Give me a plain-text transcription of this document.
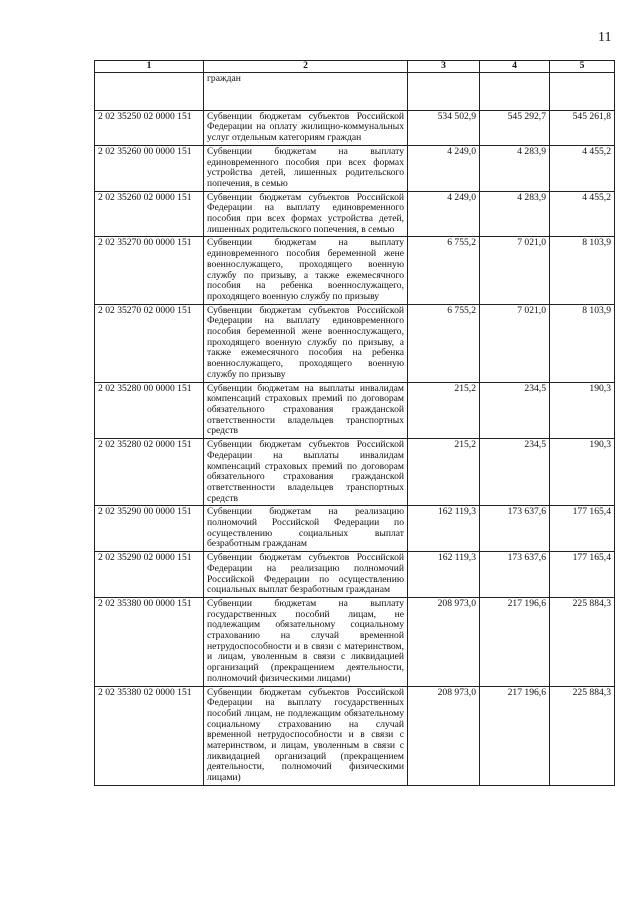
11
1	2	3	4	5
	граждан			
2 02 35250 02 0000 151	Субвенции бюджетам субъектов Российской Федерации на оплату жилищно-коммунальных услуг отдельным категориям граждан	534 502,9	545 292,7	545 261,8
2 02 35260 00 0000 151	Субвенции бюджетам на выплату единовременного пособия при всех формах устройства детей, лишенных родительского попечения, в семью	4 249,0	4 283,9	4 455,2
2 02 35260 02 0000 151	Субвенции бюджетам субъектов Российской Федерации на выплату единовременного пособия при всех формах устройства детей, лишенных родительского попечения, в семью	4 249,0	4 283,9	4 455,2
2 02 35270 00 0000 151	Субвенции бюджетам на выплату единовременного пособия беременной жене военнослужащего, проходящего военную службу по призыву, а также ежемесячного пособия на ребенка военнослужащего, проходящего военную службу по призыву	6 755,2	7 021,0	8 103,9
2 02 35270 02 0000 151	Субвенции бюджетам субъектов Российской Федерации на выплату единовременного пособия беременной жене военнослужащего, проходящего военную службу по призыву, а также ежемесячного пособия на ребенка военнослужащего, проходящего военную службу по призыву	6 755,2	7 021,0	8 103,9
2 02 35280 00 0000 151	Субвенции бюджетам на выплаты инвалидам компенсаций страховых премий по договорам обязательного страхования гражданской ответственности владельцев транспортных средств	215,2	234,5	190,3
2 02 35280 02 0000 151	Субвенции бюджетам субъектов Российской Федерации на выплаты инвалидам компенсаций страховых премий по договорам обязательного страхования гражданской ответственности владельцев транспортных средств	215,2	234,5	190,3
2 02 35290 00 0000 151	Субвенции бюджетам на реализацию полномочий Российской Федерации по осуществлению социальных выплат безработным гражданам	162 119,3	173 637,6	177 165,4
2 02 35290 02 0000 151	Субвенции бюджетам субъектов Российской Федерации на реализацию полномочий Российской Федерации по осуществлению социальных выплат безработным гражданам	162 119,3	173 637,6	177 165,4
2 02 35380 00 0000 151	Субвенции бюджетам на выплату государственных пособий лицам, не подлежащим обязательному социальному страхованию на случай временной нетрудоспособности и в связи с материнством, и лицам, уволенным в связи с ликвидацией организаций (прекращением деятельности, полномочий физическими лицами)	208 973,0	217 196,6	225 884,3
2 02 35380 02 0000 151	Субвенции бюджетам субъектов Российской Федерации на выплату государственных пособий лицам, не подлежащим обязательному социальному страхованию на случай временной нетрудоспособности и в связи с материнством, и лицам, уволенным в связи с ликвидацией организаций (прекращением деятельности, полномочий физическими лицами)	208 973,0	217 196,6	225 884,3
